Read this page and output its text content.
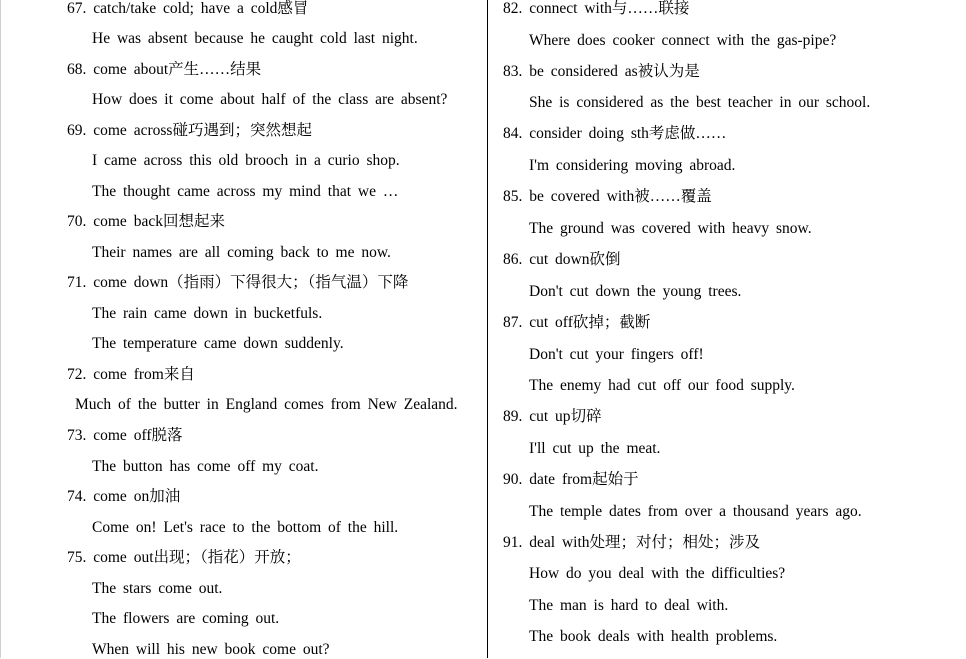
67. catch/take cold; have a cold感冒
He was absent because he caught cold last night.
68. come about产生……结果
How does it come about half of the class are absent?
69. come across碰巧遇到；突然想起
I came across this old brooch in a curio shop.
The thought came across my mind that we …
70. come back回想起来
Their names are all coming back to me now.
71. come down（指雨）下得很大；（指气温）下降
The rain came down in bucketfuls.
The temperature came down suddenly.
72. come from来自
Much of the butter in England comes from New Zealand.
73. come off脱落
The button has come off my coat.
74. come on加油
Come on! Let's race to the bottom of the hill.
75. come out出现；（指花）开放；
The stars come out.
The flowers are coming out.
When will his new book come out?
82. connect with与……联接
Where does cooker connect with the gas-pipe?
83. be considered as被认为是
She is considered as the best teacher in our school.
84. consider doing sth考虑做……
I'm considering moving abroad.
85. be covered with被……覆盖
The ground was covered with heavy snow.
86. cut down砍倒
Don't cut down the young trees.
87. cut off砍掉；截断
Don't cut your fingers off!
The enemy had cut off our food supply.
89. cut up切碎
I'll cut up the meat.
90. date from起始于
The temple dates from over a thousand years ago.
91. deal with处理；对付；相处；涉及
How do you deal with the difficulties?
The man is hard to deal with.
The book deals with health problems.
